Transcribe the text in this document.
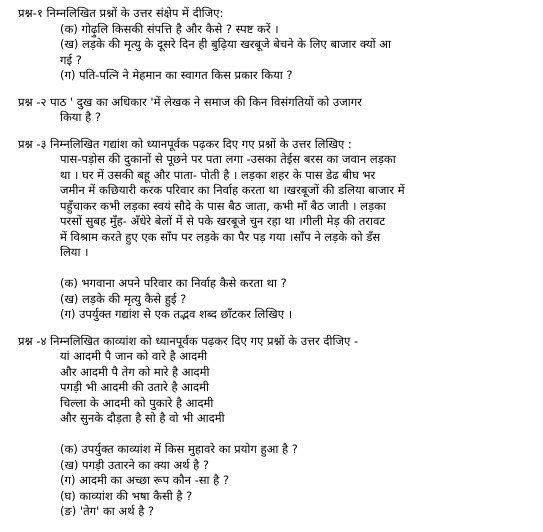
प्रश्न-१ निम्नलिखित प्रश्नों के उत्तर संक्षेप में दीजिए:
(क) गोढ़ुलि किसकी संपत्ति है और कैसे ? स्पष्ट करें ।
(ख) लड़के की मृत्यु के दूसरे दिन ही बुढ़िया खरबूजे बेचने के लिए बाजार क्यों आ
गई ?
(ग) पति-पत्नि ने मेहमान का स्वागत किस प्रकार किया ?
प्रश्न -२ पाठ ' दुख का अधिकार 'में लेखक ने समाज की किन विसंगतियों को उजागर
किया है ?
प्रश्न -३ निम्नलिखित गद्यांश को ध्यानपूर्वक पढ़कर दिए गए प्रश्नों के उत्तर लिखिए :
पास-पड़ोस की दुकानों से पूछने पर पता लगा -उसका तेईस बरस का जवान लड़का
था । घर में उसकी बहू और पाता- पोती है । लड़का शहर के पास डेढ बीघ भर
जमीन में कछियारी करक परिवार का निर्वाह करता था ।खरबूजों की डलिया बाजार में
पहुँचाकर कभी लड़का स्वयं सौदे के पास बैठ जाता, कभी माँ बैठ जाती । लड़का
परसों सुबह मुँह- अँधेरे बेलों में से पके खरबूजे चुन रहा था ।गीली मेड़ की तरावट
में विश्राम करते हुए एक साँप पर लड़के का पैर पड़ गया ।साँप ने लड़के को डँस
लिया ।
(क) भगवाना अपने परिवार का निर्वाह कैसे करता था ?
(ख) लड़के की मृत्यु कैसे हुई ?
(ग) उपर्युक्त गद्यांश से एक तद्भव शब्द छाँटकर लिखिए ।
प्रश्न -४ निम्नलिखित काव्यांश को ध्यानपूर्वक पढ़कर दिए गए प्रश्नों के उत्तर दीजिए -
यां आदमी पै जान को वारे है आदमी
और आदमी पै तेग को मारे है आदमी
पगड़ी भी आदमी की उतारे है आदमी
चिल्ला के आदमी को पुकारे है आदमी
और सुनके दौड़ता है सो है वो भी आदमी
(क) उपर्युक्त काव्यांश में किस मुहावरे का प्रयोग हुआ है ?
(ख) पगड़ी उतारने का क्या अर्थ है ?
(ग) आदमी का अच्छा रूप कौन -सा है ?
(घ) काव्यांश की भषा कैसी है ?
(ङ) 'तेग' का अर्थ है ?
